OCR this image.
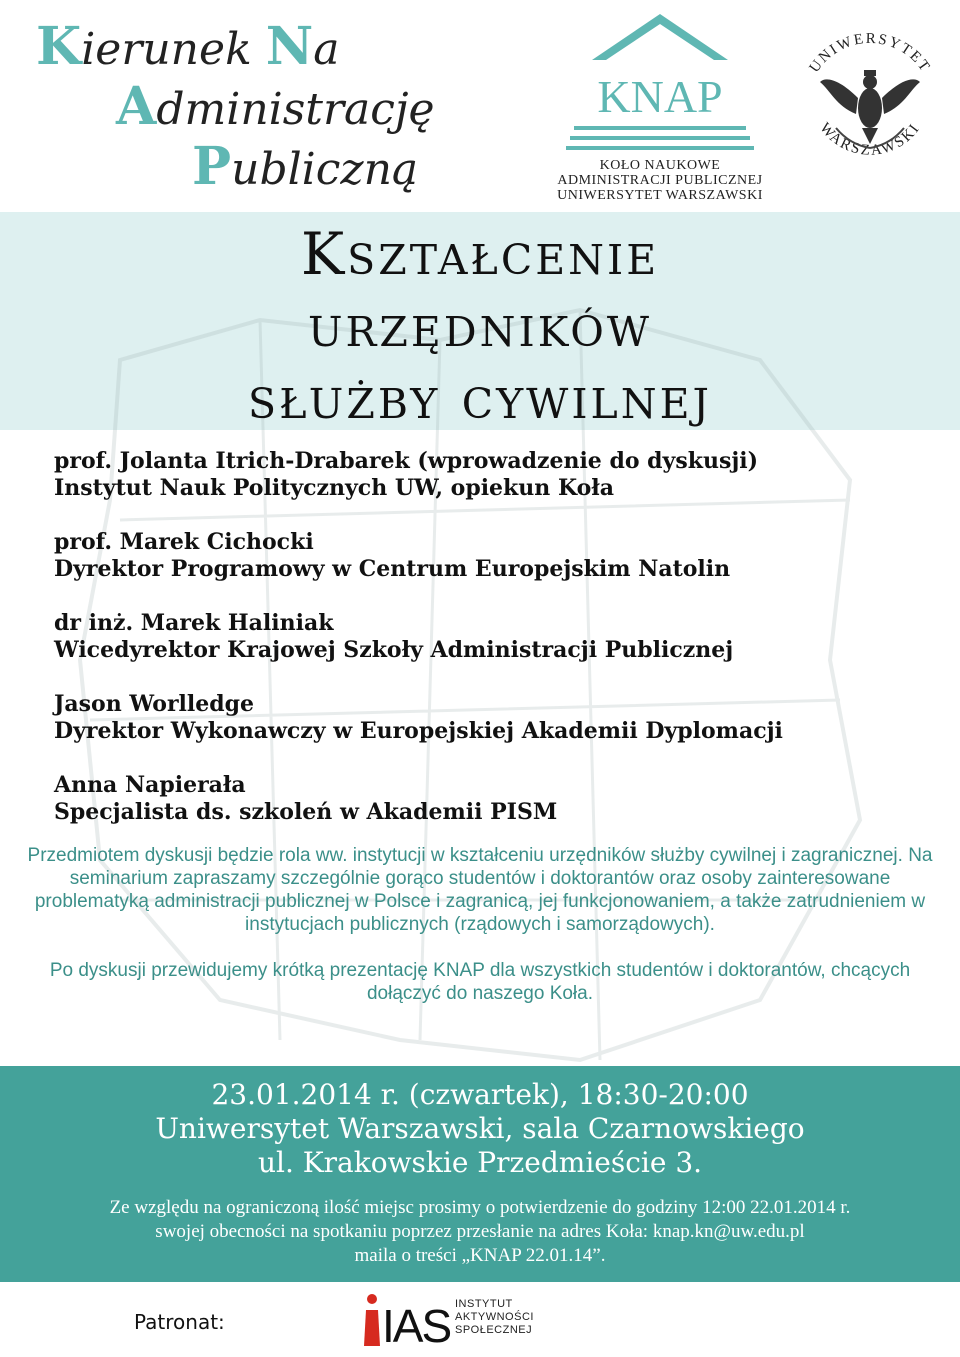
Kierunek Na
Administrację
Publiczną
KNAP
KOŁO NAUKOWE
ADMINISTRACJI PUBLICZNEJ
UNIWERSYTET WARSZAWSKI
UNIWERSYTET
WARSZAWSKI
Kształcenie
urzędników
służby cywilnej
prof. Jolanta Itrich-Drabarek (wprowadzenie do dyskusji)
Instytut Nauk Politycznych UW, opiekun Koła
prof. Marek Cichocki
Dyrektor Programowy w Centrum Europejskim Natolin
dr inż. Marek Haliniak
Wicedyrektor Krajowej Szkoły Administracji Publicznej
Jason Worlledge
Dyrektor Wykonawczy w Europejskiej Akademii Dyplomacji
Anna Napierała
Specjalista ds. szkoleń w Akademii PISM

Przedmiotem dyskusji będzie rola ww. instytucji w kształceniu urzędników służby cywilnej i zagranicznej. Na seminarium zapraszamy szczególnie gorąco studentów i doktorantów oraz osoby zainteresowane problematyką administracji publicznej w Polsce i zagranicą, jej funkcjonowaniem, a także zatrudnieniem w instytucjach publicznych (rządowych i samorządowych).

Po dyskusji przewidujemy krótką prezentację KNAP dla wszystkich studentów i doktorantów, chcących dołączyć do naszego Koła.

23.01.2014 r. (czwartek), 18:30-20:00
Uniwersytet Warszawski, sala Czarnowskiego
ul. Krakowskie Przedmieście 3.
Ze względu na ograniczoną ilość miejsc prosimy o potwierdzenie do godziny 12:00 22.01.2014 r.
swojej obecności na spotkaniu poprzez przesłanie na adres Koła: knap.kn@uw.edu.pl
maila o treści „KNAP 22.01.14”.
Patronat:	IAS INSTYTUT
AKTYWNOŚCI
SPOŁECZNEJ
